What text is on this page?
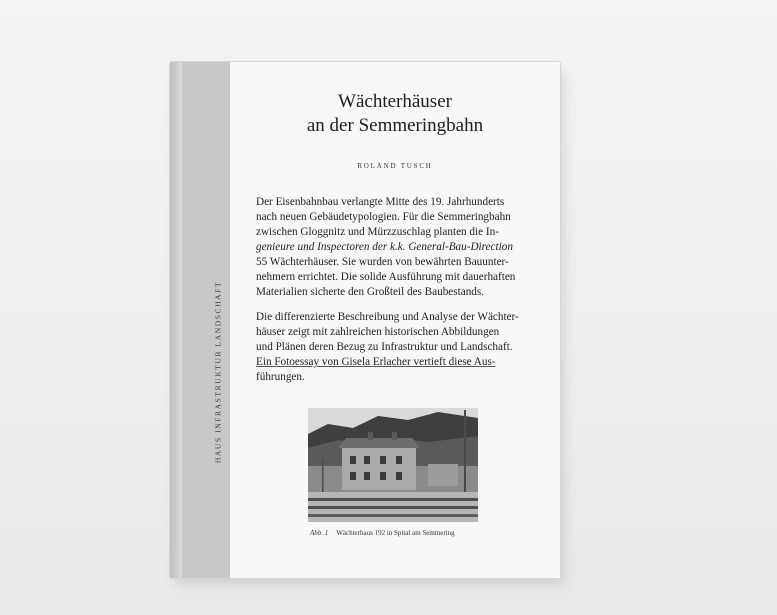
HAUS INFRASTRUKTUR LANDSCHAFT
Wächterhäuser
an der Semmeringbahn
ROLAND TUSCH
Der Eisenbahnbau verlangte Mitte des 19. Jahrhunderts
nach neuen Gebäudetypologien. Für die Semmeringbahn
zwischen Gloggnitz und Mürzzuschlag planten die In-
genieure und Inspectoren der k.k. General-Bau-Direction
55 Wächterhäuser. Sie wurden von bewährten Bauunter-
nehmern errichtet. Die solide Ausführung mit dauerhaften
Materialien sicherte den Großteil des Baubestands.
Die differenzierte Beschreibung und Analyse der Wächter-
häuser zeigt mit zahlreichen historischen Abbildungen
und Plänen deren Bezug zu Infrastruktur und Landschaft.
Ein Fotoessay von Gisela Erlacher vertieft diese Aus-
führungen.
Abb. 1 Wächterhaus 192 in Spital am Semmering
